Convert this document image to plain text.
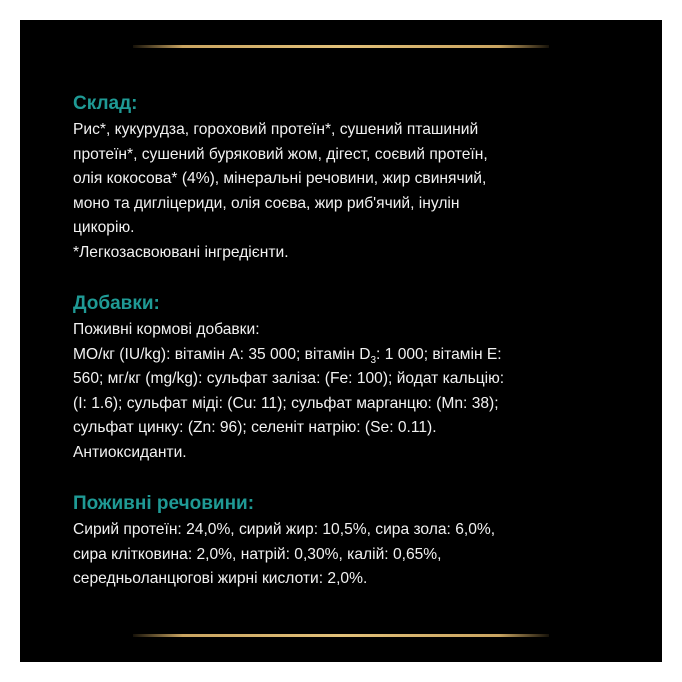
Склад:

Рис*, кукурудза, гороховий протеїн*, сушений пташиний

протеїн*, сушений буряковий жом, дігест, соєвий протеїн,

олія кокосова* (4%), мінеральні речовини, жир свинячий,

моно та дигліцериди, олія соєва, жир риб'ячий, інулін

цикорію.

*Легкозасвоювані інгредієнти.

Добавки:

Поживні кормові добавки:

МО/кг (IU/kg): вітамін А: 35 000; вітамін $D_3$: 1 000; вітамін Е:

560; мг/кг (mg/kg): сульфат заліза: (Fe: 100); йодат кальцію:

(I: 1.6); сульфат міді: (Cu: 11); сульфат марганцю: (Mn: 38);

сульфат цинку: (Zn: 96); селеніт натрію: (Se: 0.11).

Антиоксиданти.

Поживні речовини:

Сирий протеїн: 24,0%, сирий жир: 10,5%, сира зола: 6,0%,

сира клітковина: 2,0%, натрій: 0,30%, калій: 0,65%,

середньоланцюгові жирні кислоти: 2,0%.
